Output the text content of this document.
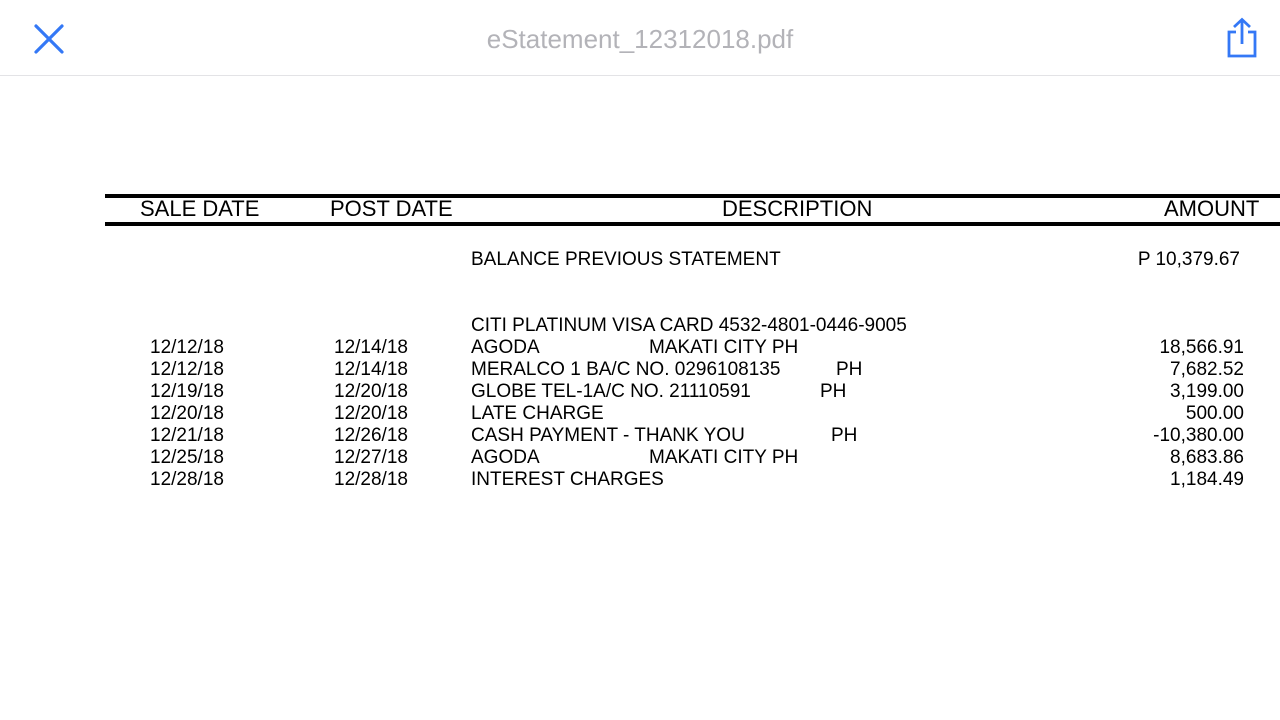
eStatement_12312018.pdf
SALE DATE	POST DATE	DESCRIPTION	AMOUNT
BALANCE PREVIOUS STATEMENT	P 10,379.67
CITI PLATINUM VISA CARD 4532-4801-0446-9005
12/12/18	12/14/18	AGODA	MAKATI CITY PH	18,566.91
12/12/18	12/14/18	MERALCO 1 BA/C NO. 0296108135	PH	7,682.52
12/19/18	12/20/18	GLOBE TEL-1A/C NO. 21110591	PH	3,199.00
12/20/18	12/20/18	LATE CHARGE	500.00
12/21/18	12/26/18	CASH PAYMENT - THANK YOU	PH	-10,380.00
12/25/18	12/27/18	AGODA	MAKATI CITY PH	8,683.86
12/28/18	12/28/18	INTEREST CHARGES	1,184.49
